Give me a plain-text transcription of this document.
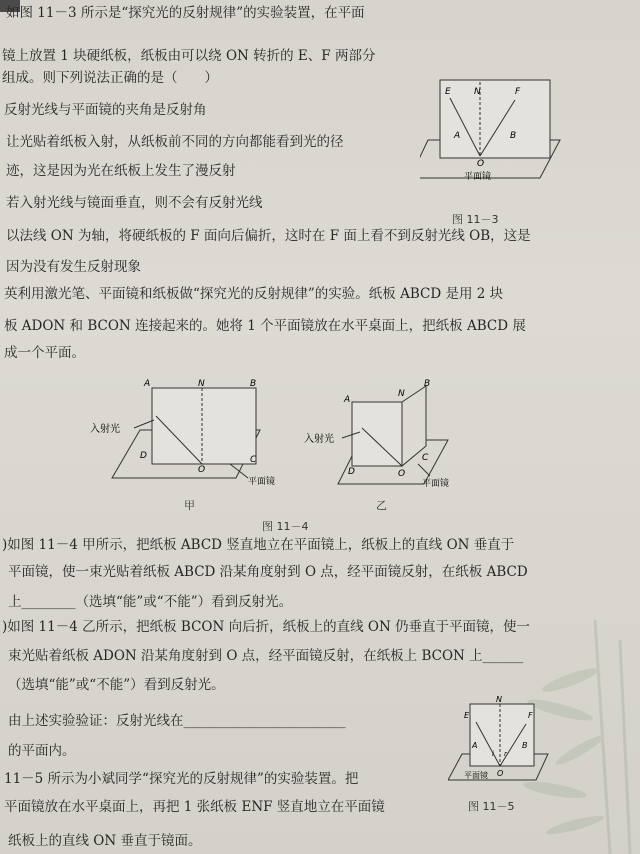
如图 11－3 所示是“探究光的反射规律”的实验装置，在平面
镜上放置 1 块硬纸板，纸板由可以绕 ON 转折的 E、F 两部分
组成。则下列说法正确的是（　　）
反射光线与平面镜的夹角是反射角
让光贴着纸板入射，从纸板前不同的方向都能看到光的径
迹，这是因为光在纸板上发生了漫反射
若入射光线与镜面垂直，则不会有反射光线
以法线 ON 为轴，将硬纸板的 F 面向后偏折，这时在 F 面上看不到反射光线 OB，这是
因为没有发生反射现象
英利用激光笔、平面镜和纸板做“探究光的反射规律”的实验。纸板 ABCD 是用 2 块
板 ADON 和 BCON 连接起来的。她将 1 个平面镜放在水平桌面上，把纸板 ABCD 展
成一个平面。
)如图 11－4 甲所示，把纸板 ABCD 竖直地立在平面镜上，纸板上的直线 ON 垂直于
平面镜，使一束光贴着纸板 ABCD 沿某角度射到 O 点，经平面镜反射，在纸板 ABCD
上________（选填“能”或“不能”）看到反射光。
)如图 11－4 乙所示，把纸板 BCON 向后折，纸板上的直线 ON 仍垂直于平面镜，使一
束光贴着纸板 ADON 沿某角度射到 O 点，经平面镜反射，在纸板上 BCON 上______
（选填“能”或“不能”）看到反射光。
由上述实验验证：反射光线在________________________
的平面内。
11－5 所示为小斌同学“探究光的反射规律”的实验装置。把
平面镜放在水平桌面上，再把 1 张纸板 ENF 竖直地立在平面镜
纸板上的直线 ON 垂直于镜面。
E	N	F
A	B
O
平面镜
图 11－3
A	N	B
D
O
C
入射光
平面镜
甲
A
N
B
D	O
C
入射光
平面镜
乙
图 11－4
E
N
F
A	B
i r
O
平面镜
图 11－5
